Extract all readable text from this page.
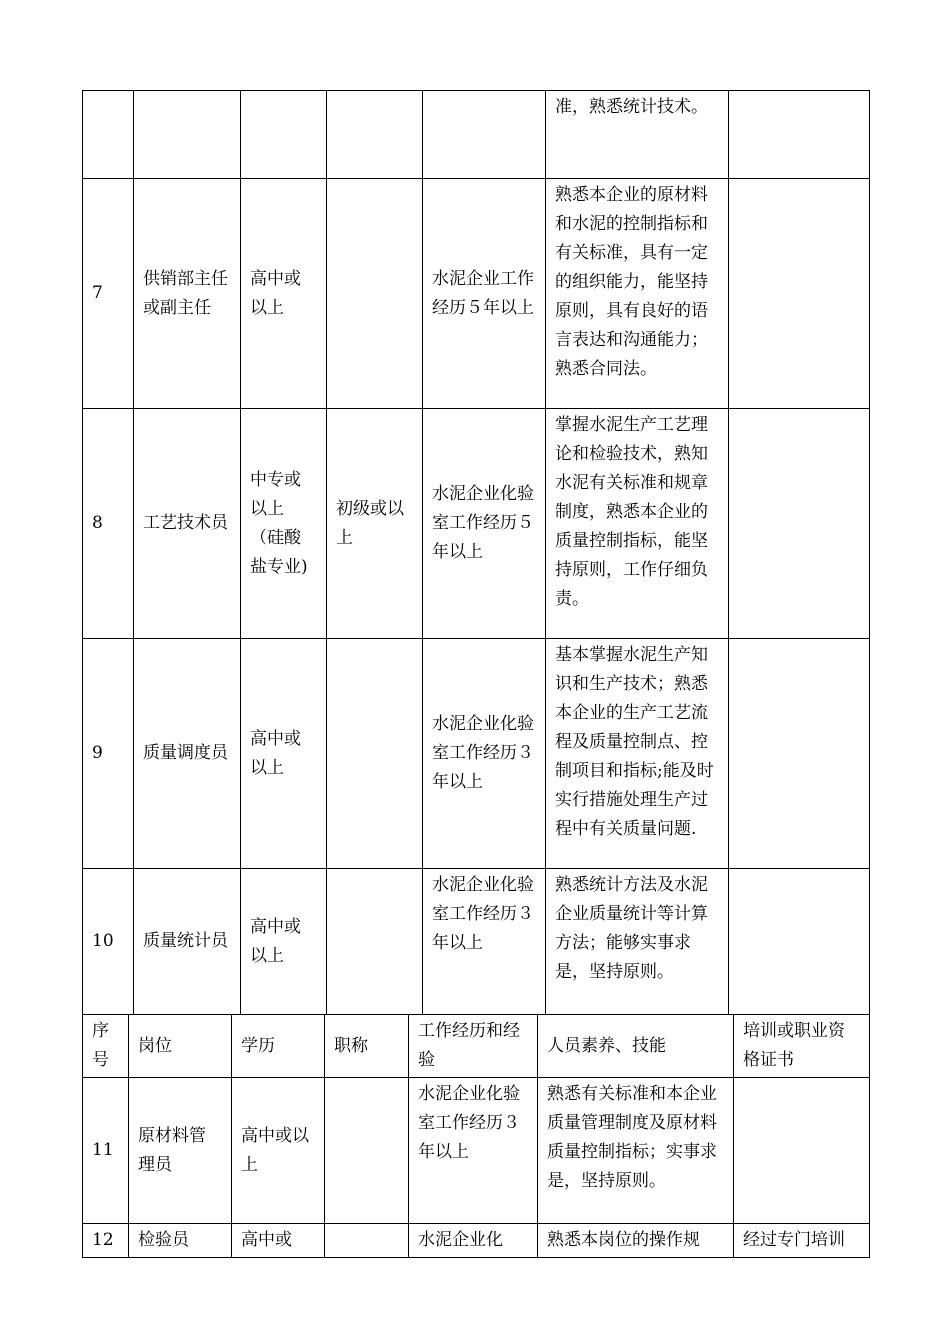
					准，熟悉统计技术。	
7	供销部主任或副主任	高中或以上		水泥企业工作经历５年以上	熟悉本企业的原材料和水泥的控制指标和有关标准，具有一定的组织能力，能坚持原则，具有良好的语言表达和沟通能力；熟悉合同法。	
8	工艺技术员	中专或以上（硅酸盐专业)	初级或以上	水泥企业化验室工作经历５年以上	掌握水泥生产工艺理论和检验技术，熟知水泥有关标准和规章制度，熟悉本企业的质量控制指标，能坚持原则，工作仔细负责。	
9	质量调度员	高中或以上		水泥企业化验室工作经历３年以上	基本掌握水泥生产知识和生产技术；熟悉本企业的生产工艺流程及质量控制点、控制项目和指标;能及时实行措施处理生产过程中有关质量问题.	
10	质量统计员	高中或以上		水泥企业化验室工作经历３年以上	熟悉统计方法及水泥企业质量统计等计算方法；能够实事求是，坚持原则。	
序号	岗位	学历	职称	工作经历和经验	人员素养、技能	培训或职业资格证书
11	原材料管理员	高中或以上		水泥企业化验室工作经历３年以上	熟悉有关标准和本企业质量管理制度及原材料质量控制指标；实事求是，坚持原则。	
12	检验员	高中或		水泥企业化	熟悉本岗位的操作规	经过专门培训
